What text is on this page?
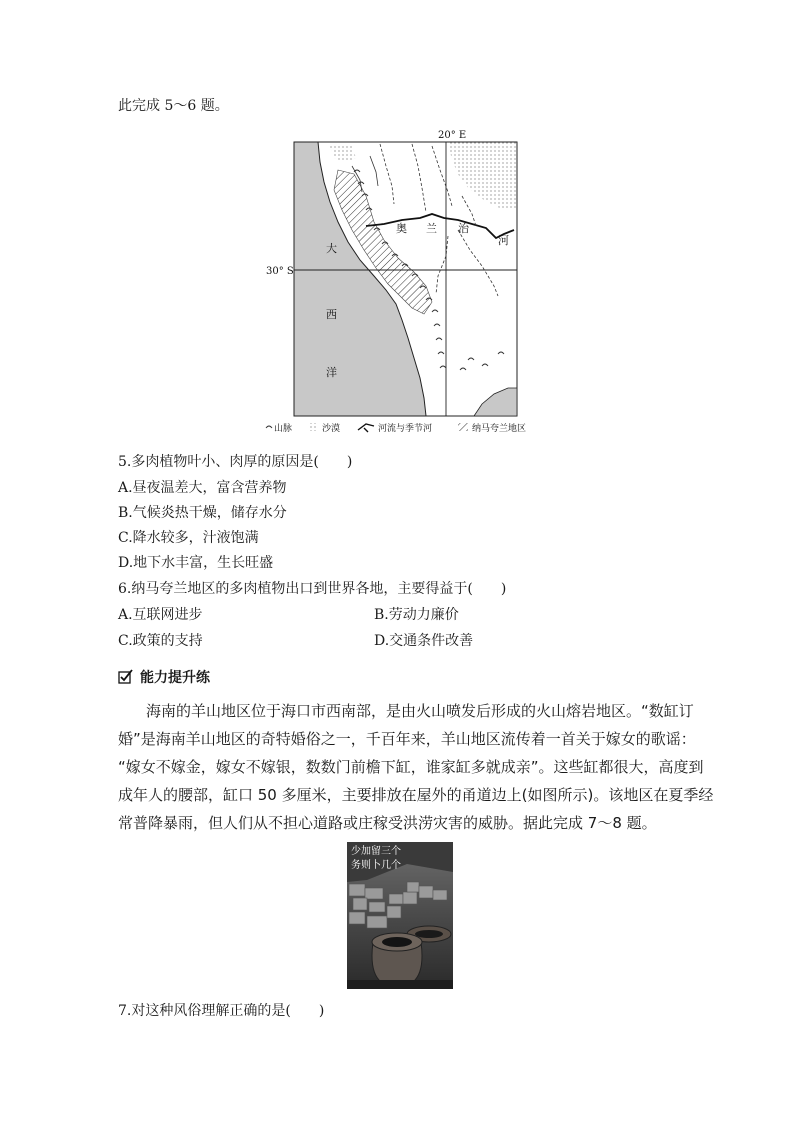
此完成 5～6 题。
20° E
30° S
大
西
洋
奥 兰 治
河
山脉	沙漠	河流与季节河	纳马夸兰地区
5.多肉植物叶小、肉厚的原因是(　　)
A.昼夜温差大，富含营养物
B.气候炎热干燥，储存水分
C.降水较多，汁液饱满
D.地下水丰富，生长旺盛
6.纳马夸兰地区的多肉植物出口到世界各地，主要得益于(　　)
A.互联网进步	B.劳动力廉价
C.政策的支持	D.交通条件改善
能力提升练
海南的羊山地区位于海口市西南部，是由火山喷发后形成的火山熔岩地区。“数缸订
婚”是海南羊山地区的奇特婚俗之一，千百年来，羊山地区流传着一首关于嫁女的歌谣：
“嫁女不嫁金，嫁女不嫁银，数数门前檐下缸，谁家缸多就成亲”。这些缸都很大，高度到
成年人的腰部，缸口 50 多厘米，主要排放在屋外的甬道边上(如图所示)。该地区在夏季经
常普降暴雨，但人们从不担心道路或庄稼受洪涝灾害的威胁。据此完成 7～8 题。
少加留三个
务则卜几个
7.对这种风俗理解正确的是(　　)
